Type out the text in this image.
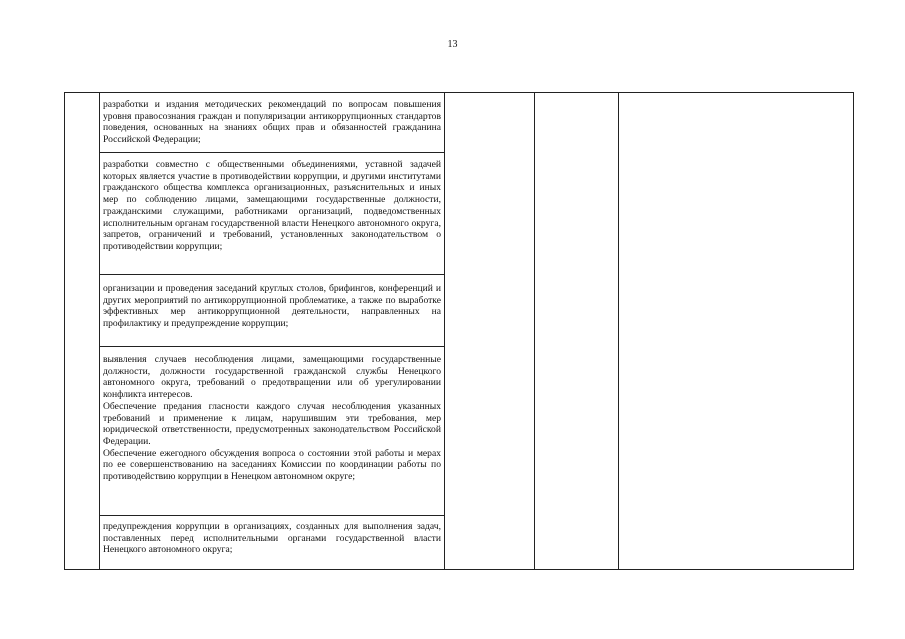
13

разработки и издания методических рекомендаций по вопросам повышения уровня правосознания граждан и популяризации антикоррупционных стандартов поведения, основанных на знаниях общих прав и обязанностей гражданина Российской Федерации;

разработки совместно с общественными объединениями, уставной задачей которых является участие в противодействии коррупции, и другими институтами гражданского общества комплекса организационных, разъяснительных и иных мер по соблюдению лицами, замещающими государственные должности, гражданскими служащими, работниками организаций, подведомственных исполнительным органам государственной власти Ненецкого автономного округа, запретов, ограничений и требований, установленных законодательством о противодействии коррупции;

организации и проведения заседаний круглых столов, брифингов, конференций и других мероприятий по антикоррупционной проблематике, а также по выработке эффективных мер антикоррупционной деятельности, направленных на профилактику и предупреждение коррупции;

выявления случаев несоблюдения лицами, замещающими государственные должности, должности государственной гражданской службы Ненецкого автономного округа, требований о предотвращении или об урегулировании конфликта интересов.

Обеспечение предания гласности каждого случая несоблюдения указанных требований и применение к лицам, нарушившим эти требования, мер юридической ответственности, предусмотренных законодательством Российской Федерации.

Обеспечение ежегодного обсуждения вопроса о состоянии этой работы и мерах по ее совершенствованию на заседаниях Комиссии по координации работы по противодействию коррупции в Ненецком автономном округе;

предупреждения коррупции в организациях, созданных для выполнения задач, поставленных перед исполнительными органами государственной власти Ненецкого автономного округа;
